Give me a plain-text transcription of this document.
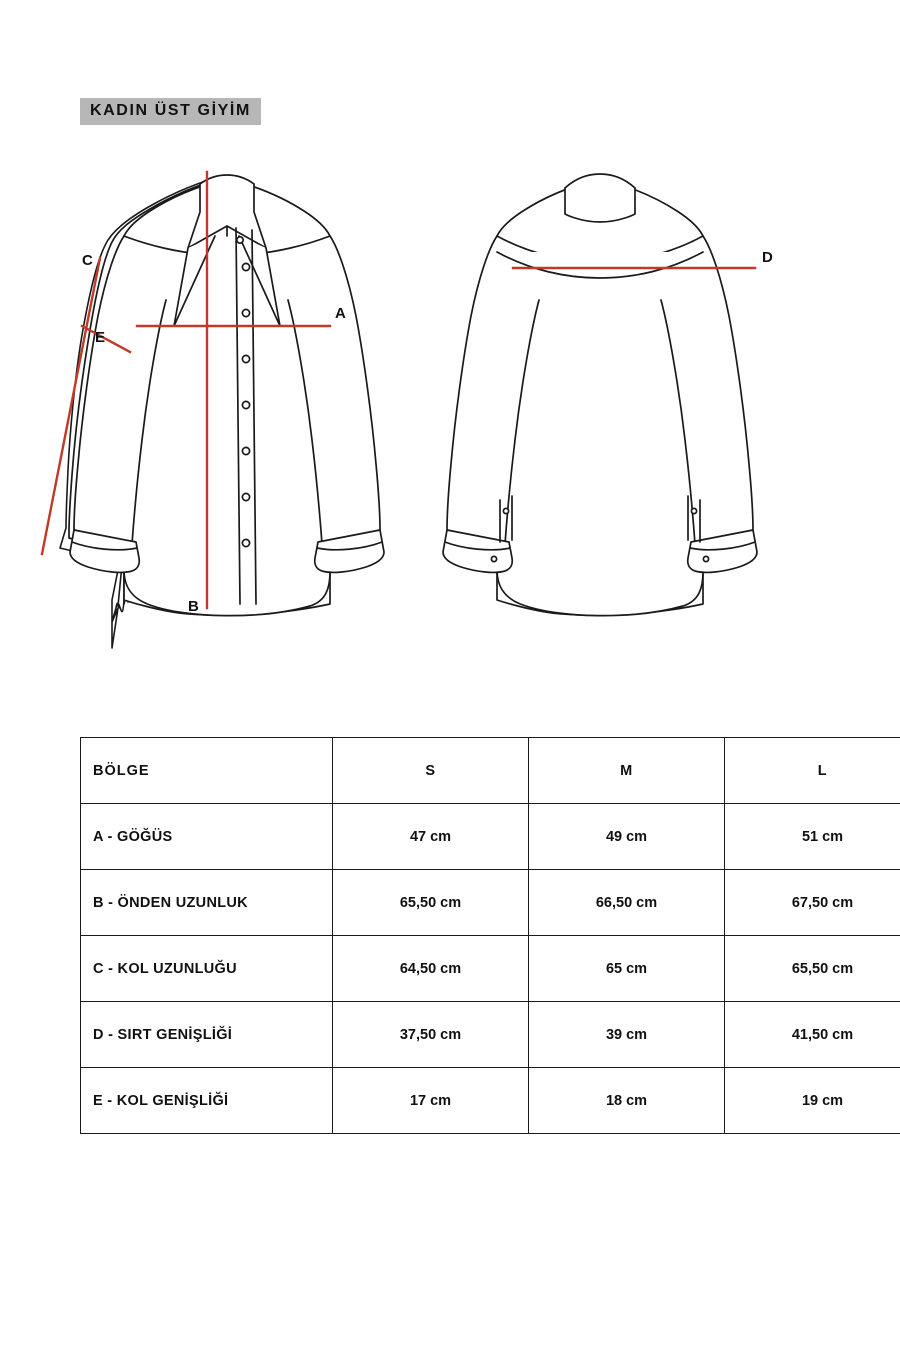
KADIN ÜST GİYİM
A
B
C
E
D
BÖLGE	S	M	L
A - GÖĞÜS	47 cm	49 cm	51 cm
B - ÖNDEN UZUNLUK	65,50 cm	66,50 cm	67,50 cm
C - KOL UZUNLUĞU	64,50 cm	65 cm	65,50 cm
D - SIRT GENİŞLİĞİ	37,50 cm	39 cm	41,50 cm
E - KOL GENİŞLİĞİ	17 cm	18 cm	19 cm
